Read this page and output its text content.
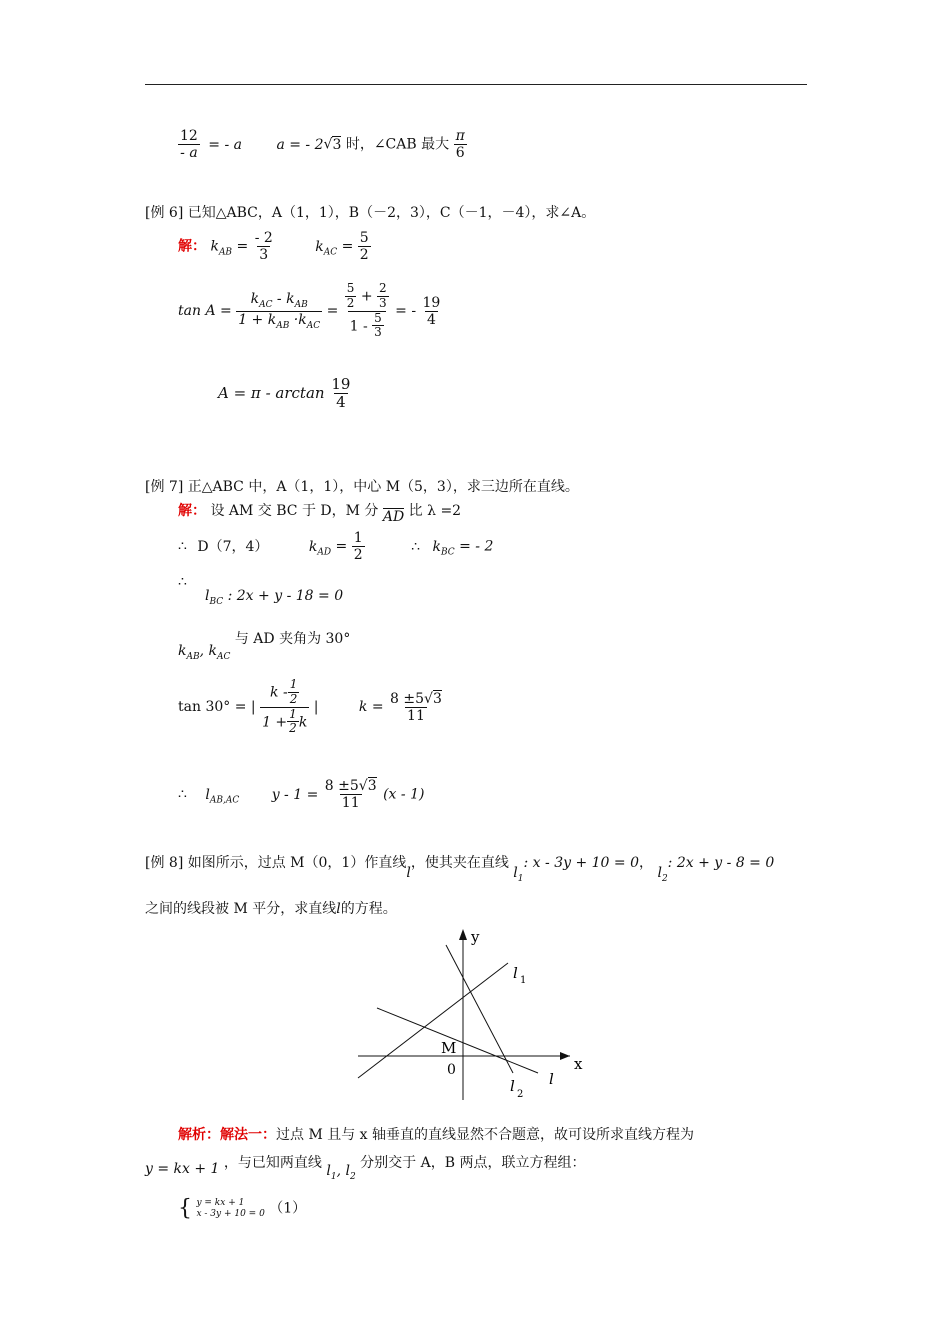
$\frac{12}{- a}$ = - a a = - 2√3 时，∠CAB 最大 $\frac{\pi}{6}$
[例 6] 已知△ABC，A（1，1），B（－2，3），C（－1，－4），求∠A。
解： $k_{AB} = \frac{- 2}{3}$	$k_{AC} = \frac{5}{2}$
$\tan A = \frac{k_{AC} - k_{AB}}{1 + k_{AB} \cdot k_{AC}} = \frac{\frac{5}{2} + \frac{2}{3}}{1 - \frac{5}{3}}$ = - $\frac{19}{4}$
$A = \pi - \arctan \frac{19}{4}$
[例 7] 正△ABC 中，A（1，1），中心 M（5，3），求三边所在直线。
解： 设 AM 交 BC 于 D，M 分 AD 比 λ =2
∴ D（7，4）	$k_{AD} = \frac{1}{2}$	∴ $k_{BC}$ = - 2
∴
$l_{BC}$ : 2x + y - 18 = 0
$k_{AB}$, $k_{AC}$ 与 AD 夹角为 30°
tan 30° = | $\frac{k - \frac{1}{2}}{1 + \frac{1}{2} k}$ |	$k = \frac{8 \pm 5√3}{11}$
∴ $l_{AB,AC}$ $y - 1 = \frac{8 \pm 5√3}{11} (x - 1)$
[例 8] 如图所示，过点 M（0，1）作直线l，使其夹在直线 $l_1$: x - 3y + 10 = 0， $l_2$: 2x + y - 8 = 0
之间的线段被 M 平分，求直线l的方程。
y
x
l 1
l 2
l
M
0
解析：解法一：过点 M 且与 x 轴垂直的直线显然不合题意，故可设所求直线方程为
y = kx + 1 ，与已知两直线 $l_1$, $l_2$ 分别交于 A，B 两点，联立方程组：
{ y = kx + 1
x - 3y + 10 = 0 （1）
